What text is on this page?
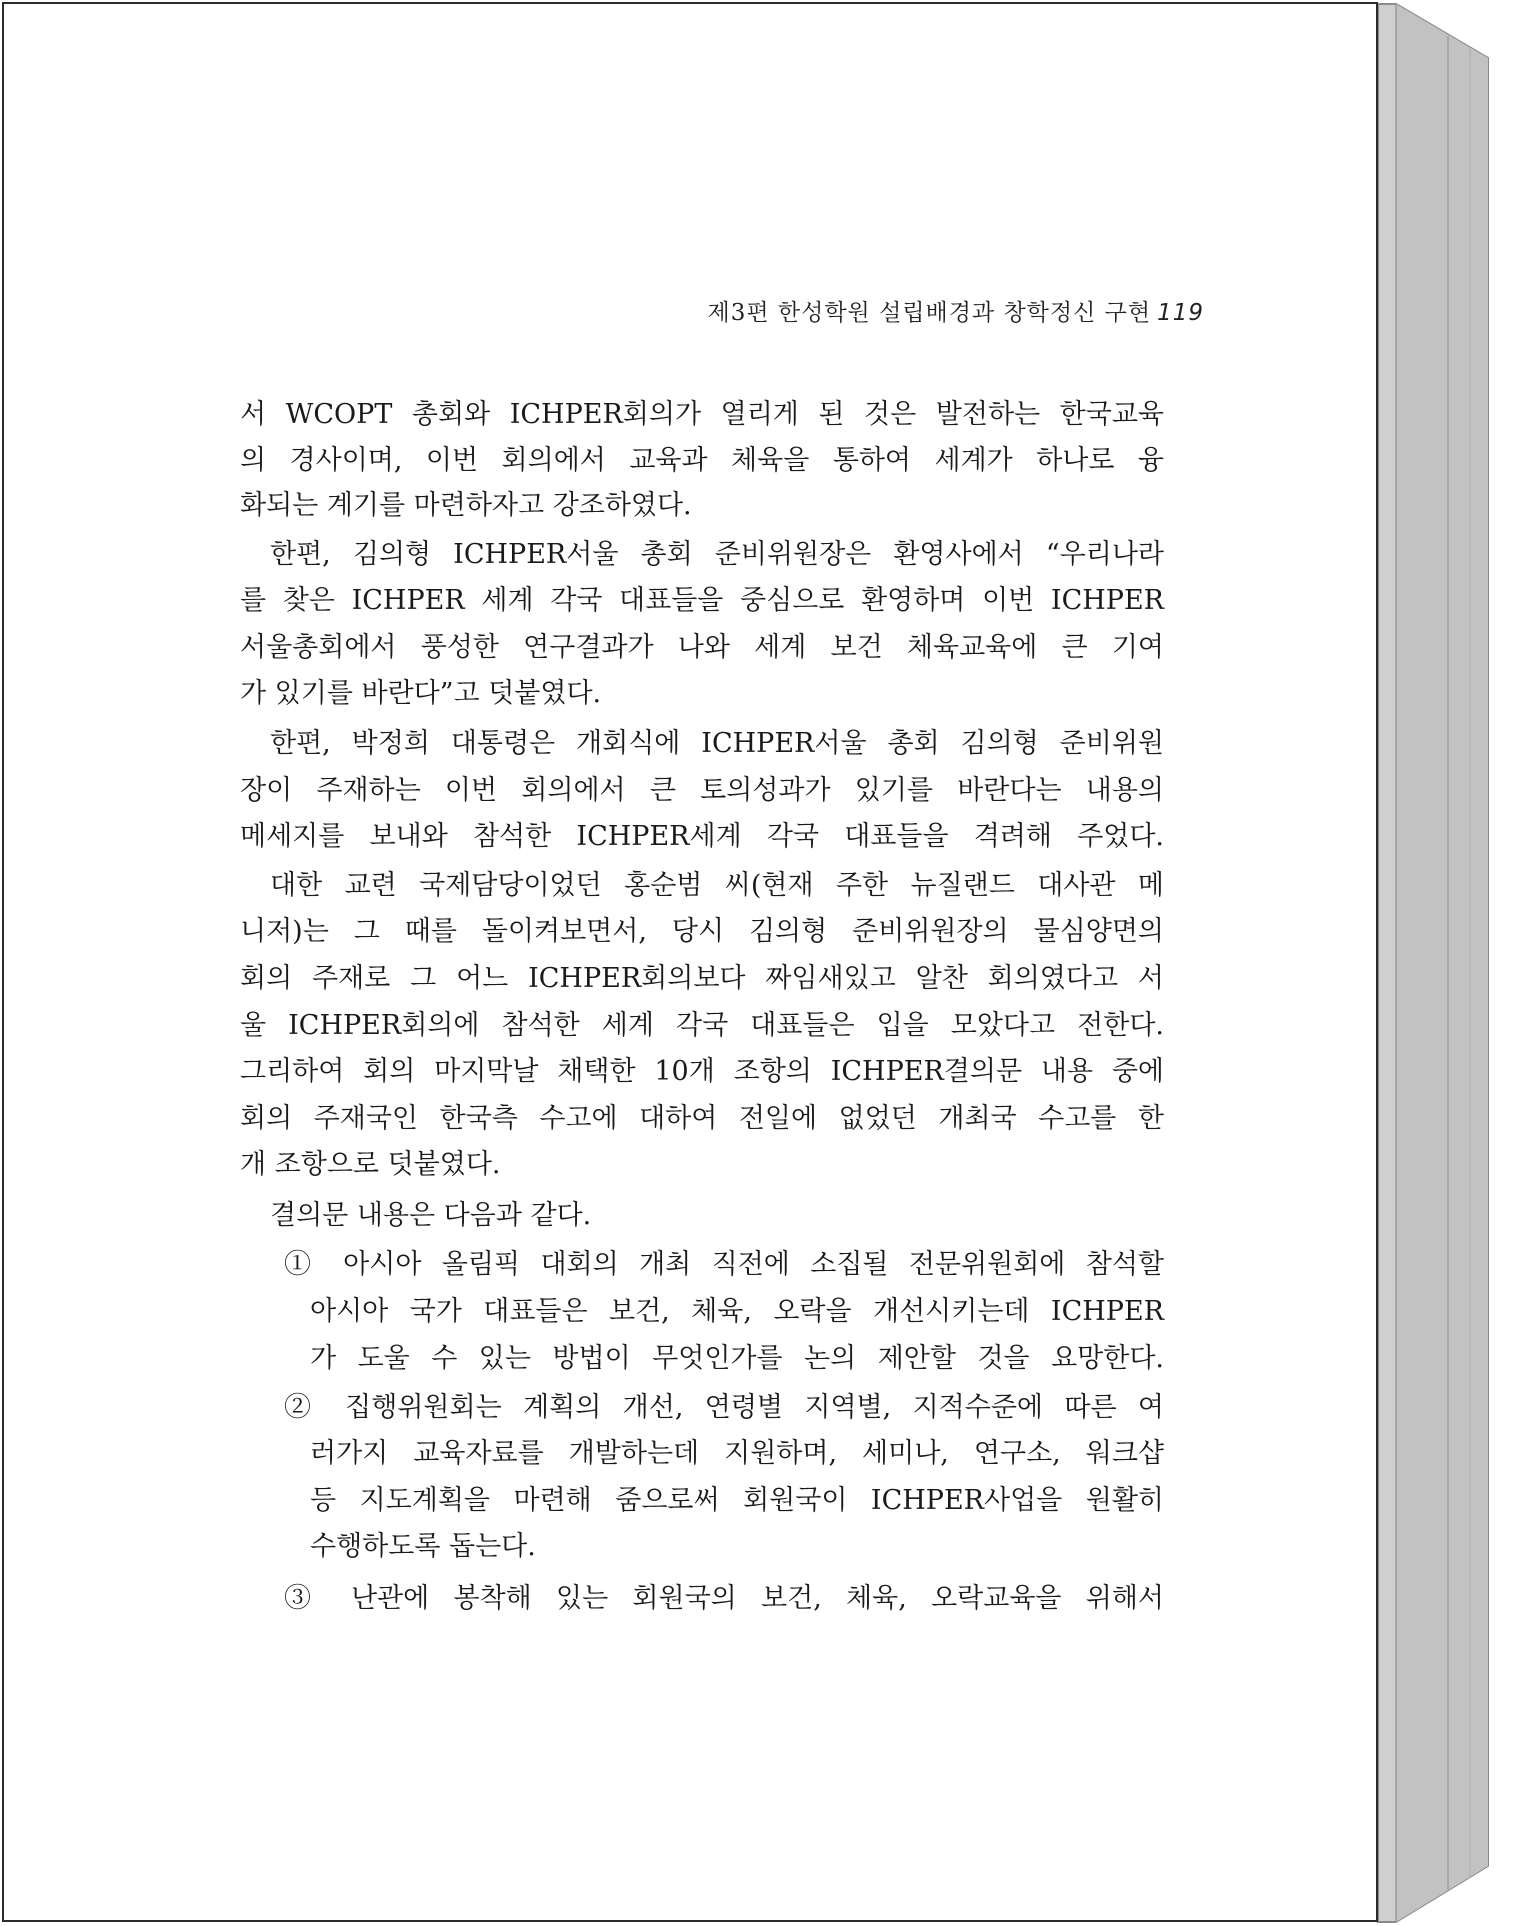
제3편 한성학원 설립배경과 창학정신 구현 119
서 WCOPT 총회와 ICHPER회의가 열리게 된 것은 발전하는 한국교육
의 경사이며, 이번 회의에서 교육과 체육을 통하여 세계가 하나로 융
화되는 계기를 마련하자고 강조하였다.
한편, 김의형 ICHPER서울 총회 준비위원장은 환영사에서 “우리나라
를 찾은 ICHPER 세계 각국 대표들을 중심으로 환영하며 이번 ICHPER
서울총회에서 풍성한 연구결과가 나와 세계 보건 체육교육에 큰 기여
가 있기를 바란다”고 덧붙였다.
한편, 박정희 대통령은 개회식에 ICHPER서울 총회 김의형 준비위원
장이 주재하는 이번 회의에서 큰 토의성과가 있기를 바란다는 내용의
메세지를 보내와 참석한 ICHPER세계 각국 대표들을 격려해 주었다.
대한 교련 국제담당이었던 홍순범 씨(현재 주한 뉴질랜드 대사관 메
니저)는 그 때를 돌이켜보면서, 당시 김의형 준비위원장의 물심양면의
회의 주재로 그 어느 ICHPER회의보다 짜임새있고 알찬 회의였다고 서
울 ICHPER회의에 참석한 세계 각국 대표들은 입을 모았다고 전한다.
그리하여 회의 마지막날 채택한 10개 조항의 ICHPER결의문 내용 중에
회의 주재국인 한국측 수고에 대하여 전일에 없었던 개최국 수고를 한
개 조항으로 덧붙였다.
결의문 내용은 다음과 같다.
① 아시아 올림픽 대회의 개최 직전에 소집될 전문위원회에 참석할
아시아 국가 대표들은 보건, 체육, 오락을 개선시키는데 ICHPER
가 도울 수 있는 방법이 무엇인가를 논의 제안할 것을 요망한다.
② 집행위원회는 계획의 개선, 연령별 지역별, 지적수준에 따른 여
러가지 교육자료를 개발하는데 지원하며, 세미나, 연구소, 워크샵
등 지도계획을 마련해 줌으로써 회원국이 ICHPER사업을 원활히
수행하도록 돕는다.
③ 난관에 봉착해 있는 회원국의 보건, 체육, 오락교육을 위해서
